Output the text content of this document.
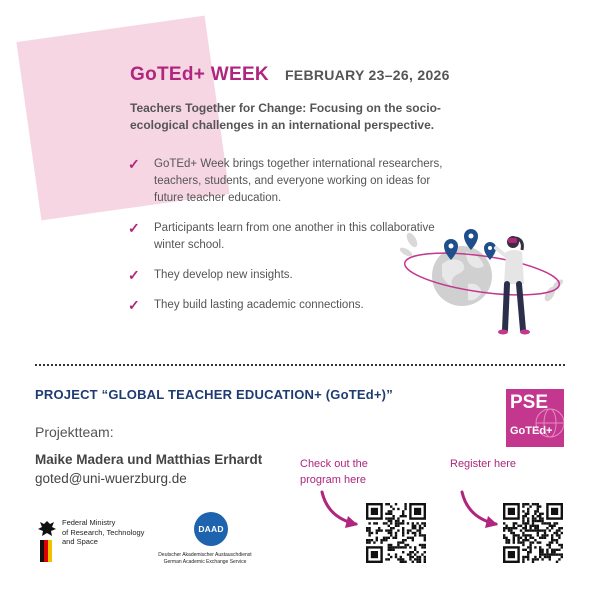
GoTEd+ WEEK FEBRUARY 23–26, 2026
Teachers Together for Change: Focusing on the socio-ecological challenges in an international perspective.
✓ GoTEd+ Week brings together international researchers, teachers, students, and everyone working on ideas for future teacher education.
✓ Participants learn from one another in this collaborative winter school.
✓ They develop new insights.
✓ They build lasting academic connections.
PROJECT “GLOBAL TEACHER EDUCATION+ (GoTEd+)”	PSE
GoTEd+
Projektteam:
Maike Madera und Matthias Erhardt
goted@uni-wuerzburg.de
Check out the program here
Register here
Federal Ministry
of Research, Technology
and Space
DAAD
Deutscher Akademischer Austauschdienst
German Academic Exchange Service
